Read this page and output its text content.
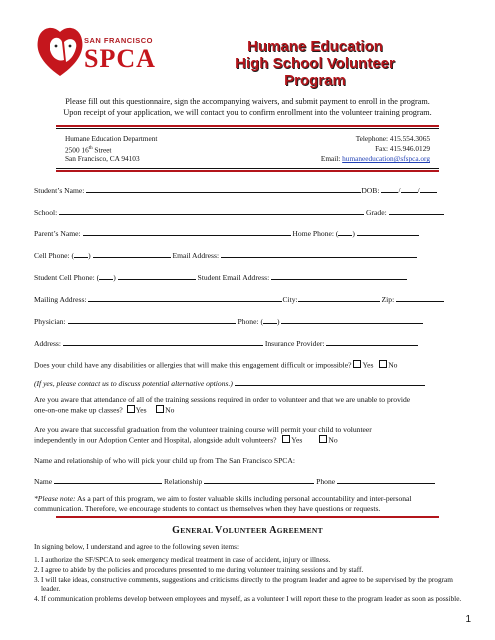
SAN FRANCISCO
SPCA	Humane Education
High School Volunteer Program
Please fill out this questionnaire, sign the accompanying waivers, and submit payment to enroll in the program.
Upon receipt of your application, we will contact you to confirm enrollment into the volunteer training program.
Humane Education Department	Telephone: 415.554.3065
2500 16th Street	Fax: 415.946.0129
San Francisco, CA 94103	Email: humaneeducation@sfspca.org
Student’s Name:	DOB: / /
School:	Grade:
Parent’s Name:	Home Phone: ( )
Cell Phone: ( )	Email Address:
Student Cell Phone: ( )	Student Email Address:
Mailing Address:	City:	Zip:
Physician:	Phone: ( )
Address:	Insurance Provider:
Does your child have any disabilities or allergies that will make this engagement difficult or impossible? Yes No
(If yes, please contact us to discuss potential alternative options.)
Are you aware that attendance of all of the training sessions required in order to volunteer and that we are unable to provide
one-on-one make up classes? Yes No
Are you aware that successful graduation from the volunteer training course will permit your child to volunteer
independently in our Adoption Center and Hospital, alongside adult volunteers? Yes	No
Name and relationship of who will pick your child up from The San Francisco SPCA:
Name	Relationship	Phone
*Please note: As a part of this program, we aim to foster valuable skills including personal accountability and inter-personal
communication. Therefore, we encourage students to contact us themselves when they have questions or requests.
GENERAL VOLUNTEER AGREEMENT
In signing below, I understand and agree to the following seven items:
1. I authorize the SF/SPCA to seek emergency medical treatment in case of accident, injury or illness.
2. I agree to abide by the policies and procedures presented to me during volunteer training sessions and by staff.
3. I will take ideas, constructive comments, suggestions and criticisms directly to the program leader and agree to be supervised by the program leader.
4. If communication problems develop between employees and myself, as a volunteer I will report these to the program leader as soon as possible.
1
